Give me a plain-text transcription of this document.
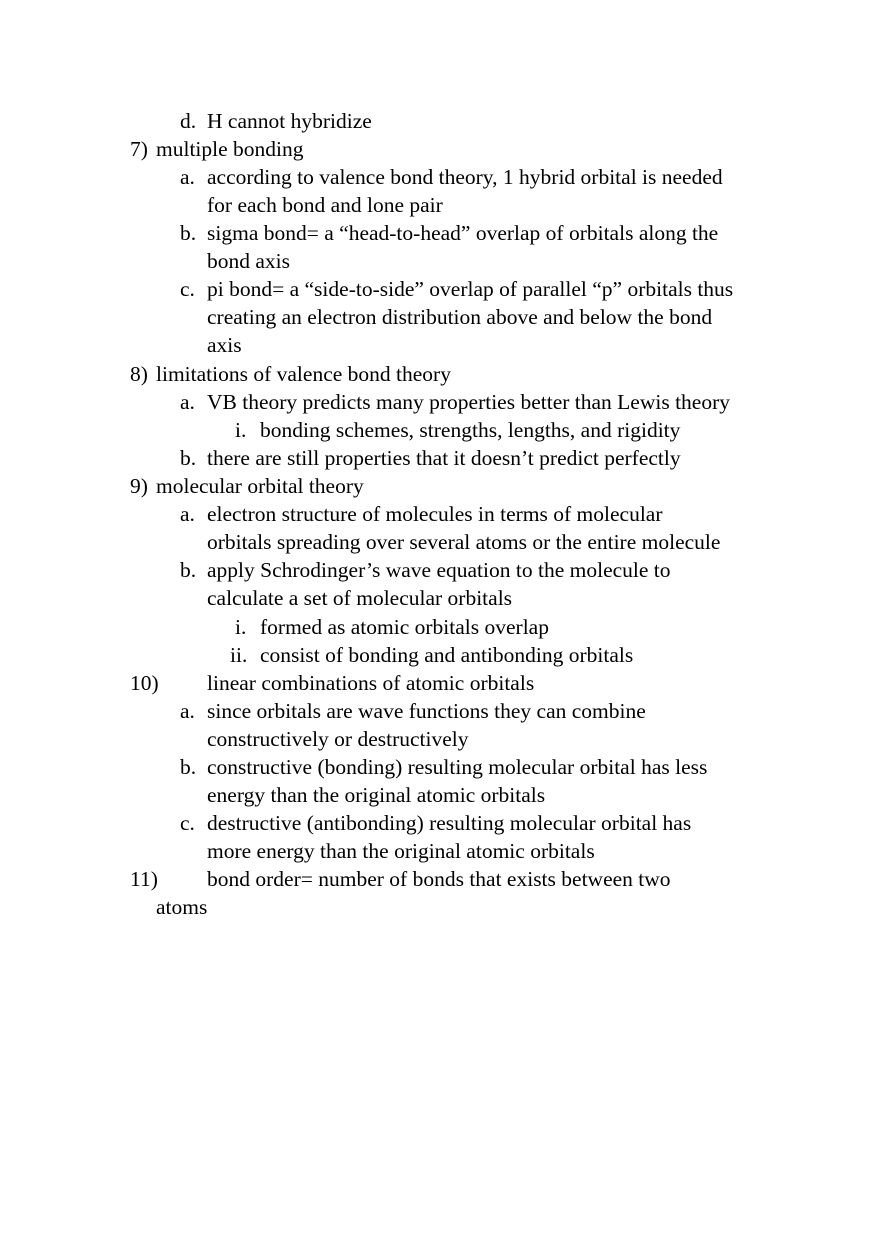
d. H cannot hybridize
7) multiple bonding
a. according to valence bond theory, 1 hybrid orbital is needed
for each bond and lone pair
b. sigma bond= a “head-to-head” overlap of orbitals along the
bond axis
c. pi bond= a “side-to-side” overlap of parallel “p” orbitals thus
creating an electron distribution above and below the bond
axis
8) limitations of valence bond theory
a. VB theory predicts many properties better than Lewis theory
i. bonding schemes, strengths, lengths, and rigidity
b. there are still properties that it doesn’t predict perfectly
9) molecular orbital theory
a. electron structure of molecules in terms of molecular
orbitals spreading over several atoms or the entire molecule
b. apply Schrodinger’s wave equation to the molecule to
calculate a set of molecular orbitals
i. formed as atomic orbitals overlap
ii. consist of bonding and antibonding orbitals
10) linear combinations of atomic orbitals
a. since orbitals are wave functions they can combine
constructively or destructively
b. constructive (bonding) resulting molecular orbital has less
energy than the original atomic orbitals
c. destructive (antibonding) resulting molecular orbital has
more energy than the original atomic orbitals
11) bond order= number of bonds that exists between two
atoms
